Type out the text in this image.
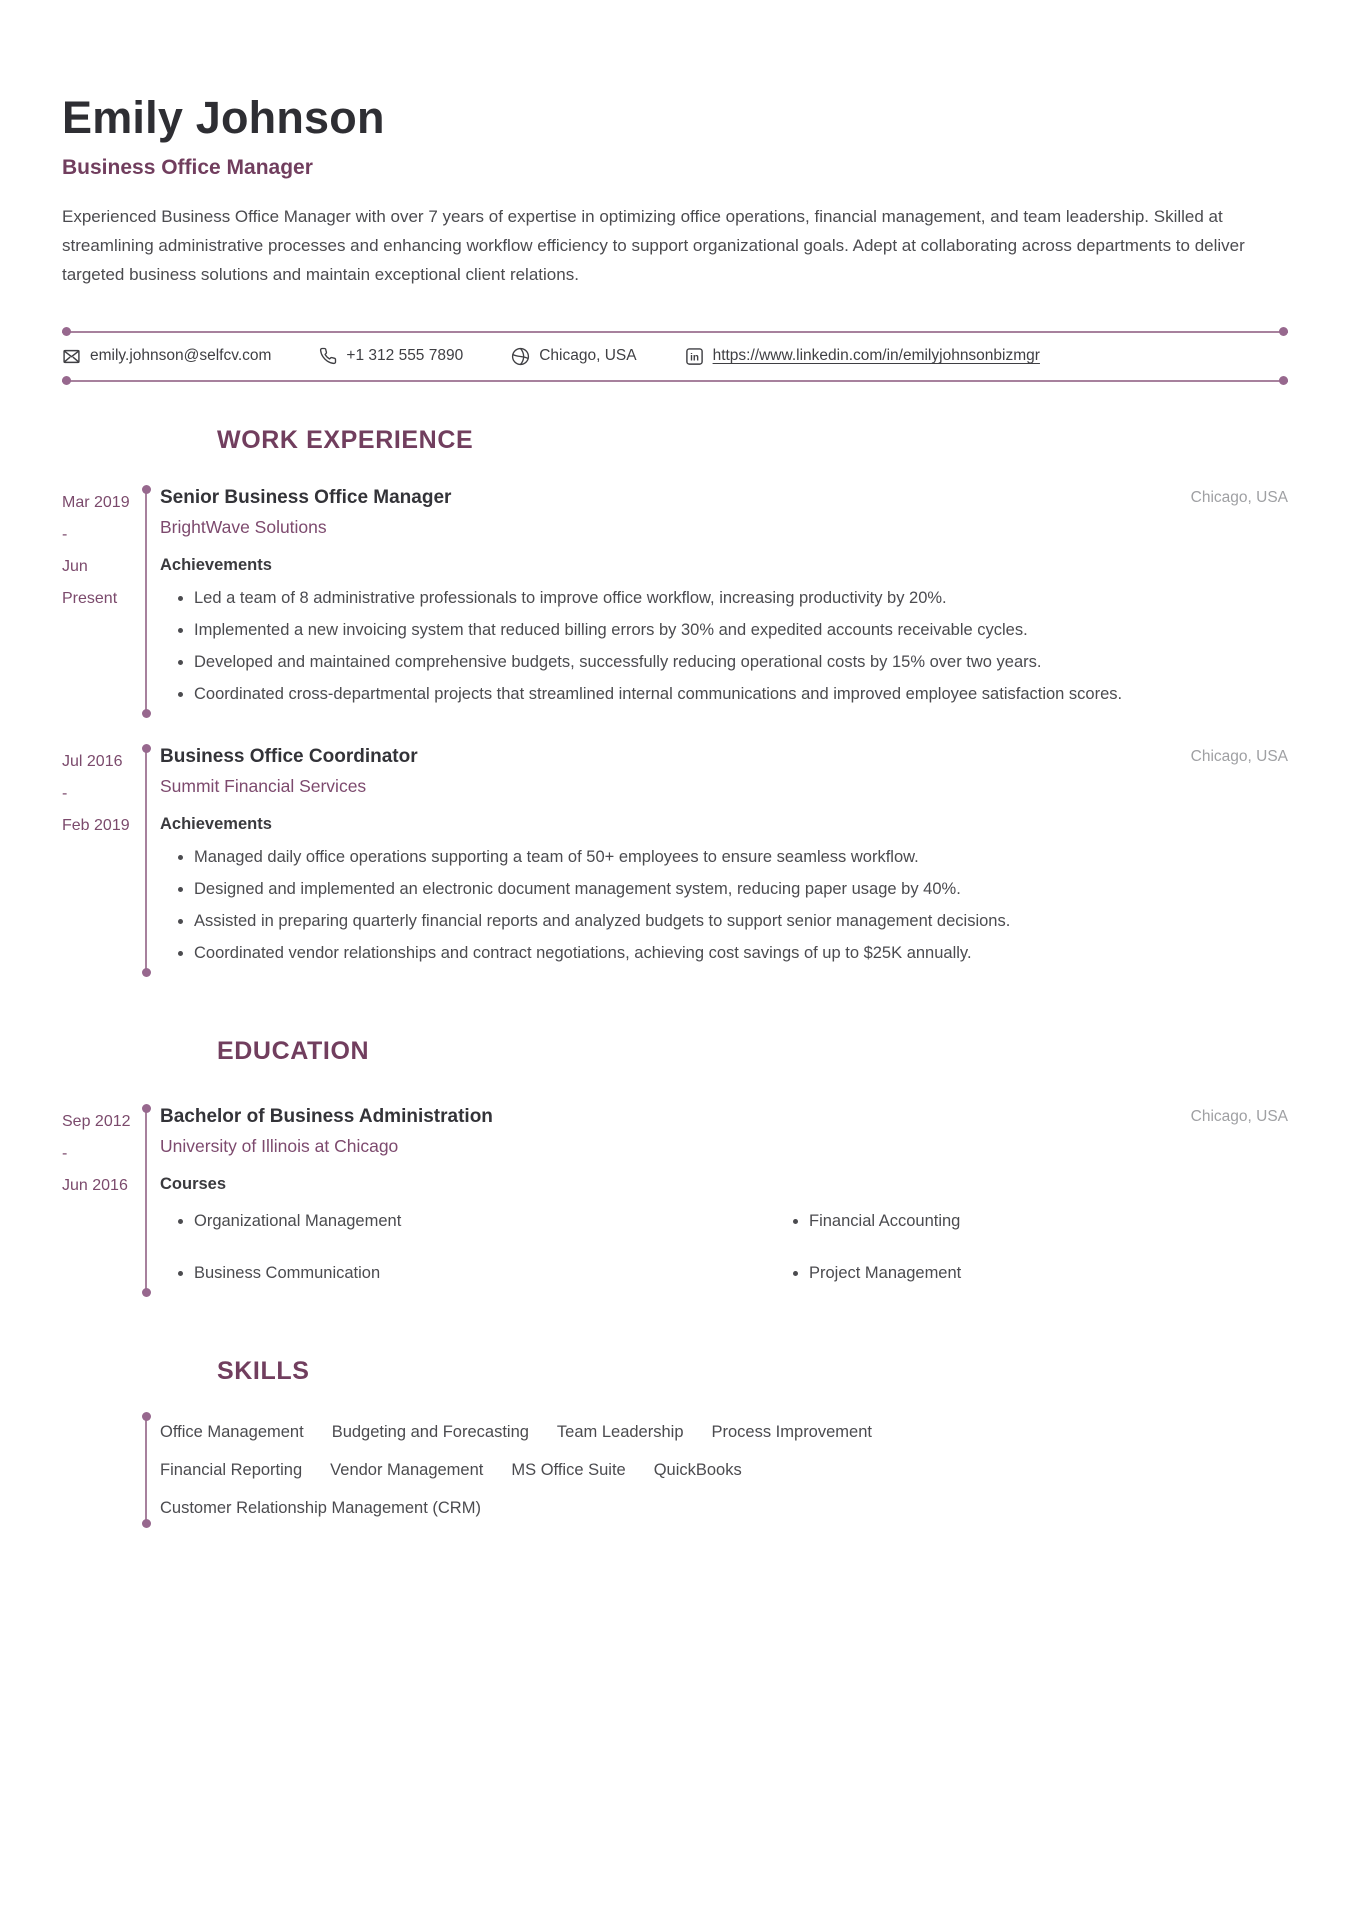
Emily Johnson
Business Office Manager

Experienced Business Office Manager with over 7 years of expertise in optimizing office operations, financial management, and team leadership. Skilled at streamlining administrative processes and enhancing workflow efficiency to support organizational goals. Adept at collaborating across departments to deliver targeted business solutions and maintain exceptional client relations.

emily.johnson@selfcv.com	+1 312 555 7890	Chicago, USA	in https://www.linkedin.com/in/emilyjohnsonbizmgr
WORK EXPERIENCE
Mar 2019
-
Jun
Present
Senior Business Office Manager
BrightWave Solutions
Chicago, USA
Achievements
Led a team of 8 administrative professionals to improve office workflow, increasing productivity by 20%.
Implemented a new invoicing system that reduced billing errors by 30% and expedited accounts receivable cycles.
Developed and maintained comprehensive budgets, successfully reducing operational costs by 15% over two years.
Coordinated cross-departmental projects that streamlined internal communications and improved employee satisfaction scores.
Jul 2016
-
Feb 2019
Business Office Coordinator
Summit Financial Services
Chicago, USA
Achievements
Managed daily office operations supporting a team of 50+ employees to ensure seamless workflow.
Designed and implemented an electronic document management system, reducing paper usage by 40%.
Assisted in preparing quarterly financial reports and analyzed budgets to support senior management decisions.
Coordinated vendor relationships and contract negotiations, achieving cost savings of up to $25K annually.
EDUCATION
Sep 2012
-
Jun 2016
Bachelor of Business Administration
University of Illinois at Chicago
Chicago, USA
Courses
Organizational Management	Financial Accounting
Business Communication	Project Management
SKILLS
Office Management Budgeting and Forecasting Team Leadership Process Improvement
Financial Reporting Vendor Management MS Office Suite QuickBooks
Customer Relationship Management (CRM)
